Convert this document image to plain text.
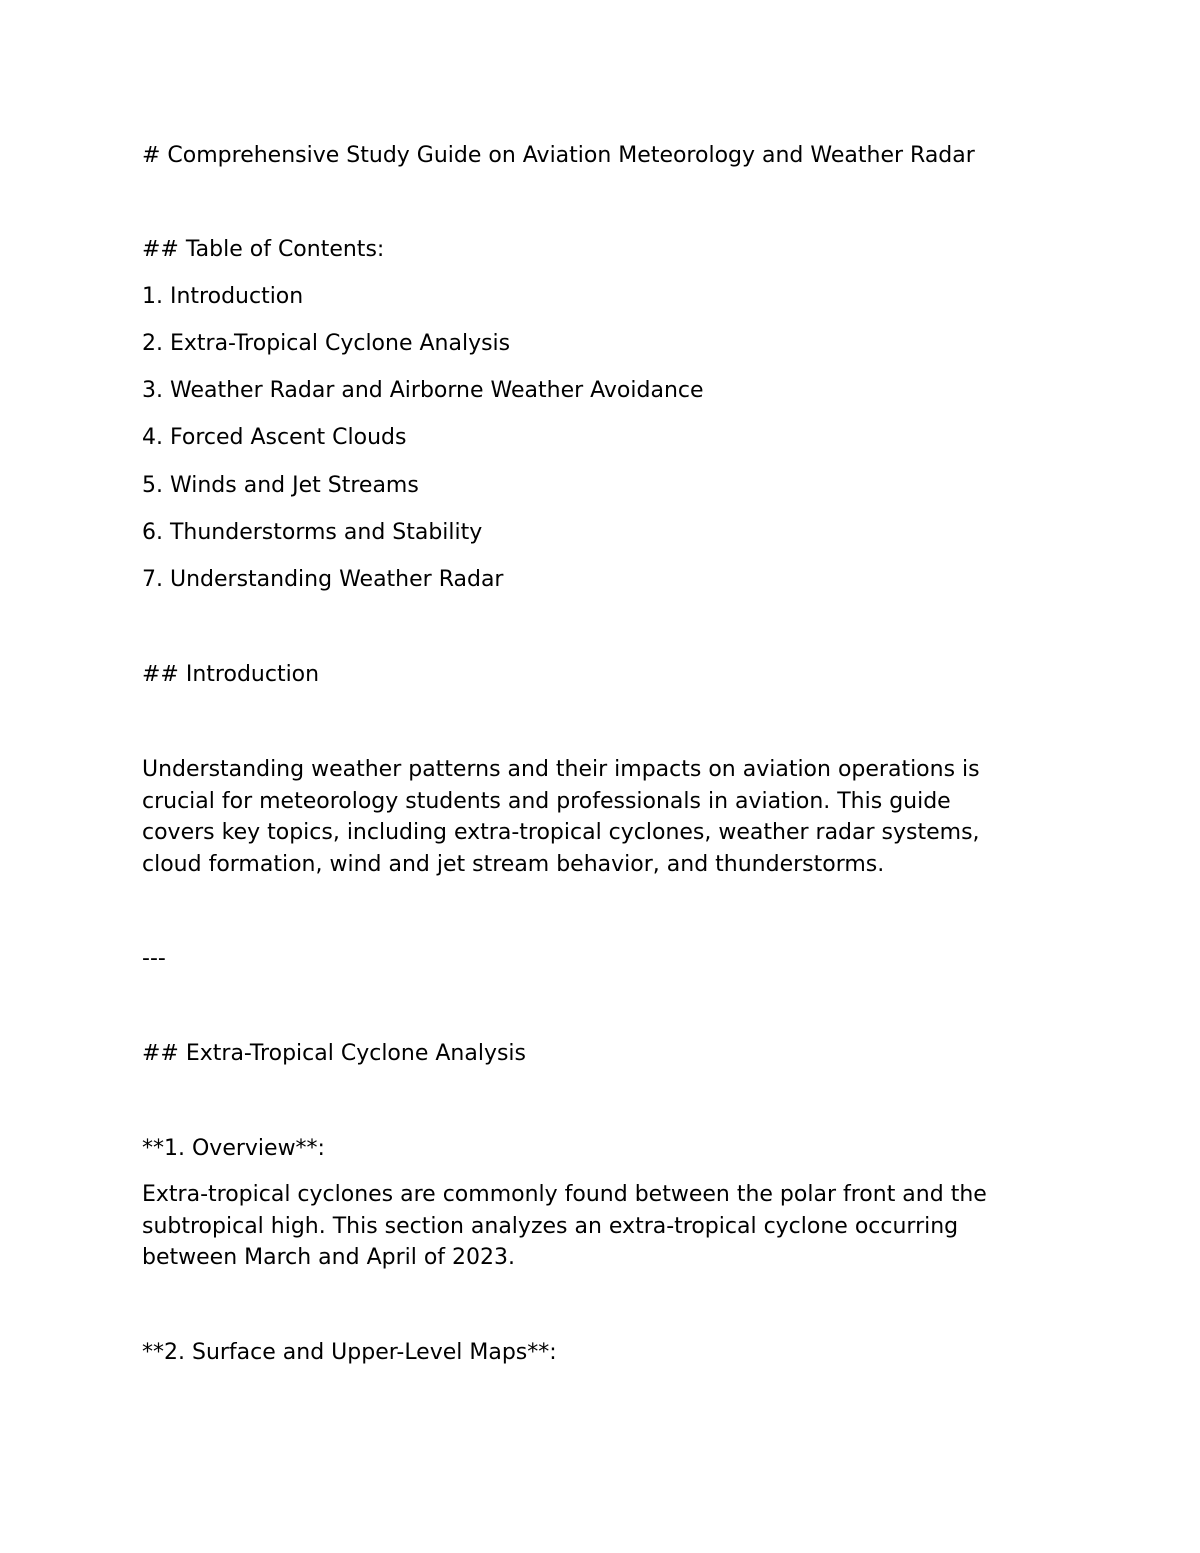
# Comprehensive Study Guide on Aviation Meteorology and Weather Radar

## Table of Contents:

1. Introduction

2. Extra-Tropical Cyclone Analysis

3. Weather Radar and Airborne Weather Avoidance

4. Forced Ascent Clouds

5. Winds and Jet Streams

6. Thunderstorms and Stability

7. Understanding Weather Radar

## Introduction

Understanding weather patterns and their impacts on aviation operations is
crucial for meteorology students and professionals in aviation. This guide
covers key topics, including extra-tropical cyclones, weather radar systems,
cloud formation, wind and jet stream behavior, and thunderstorms.

---

## Extra-Tropical Cyclone Analysis

**1. Overview**:

Extra-tropical cyclones are commonly found between the polar front and the
subtropical high. This section analyzes an extra-tropical cyclone occurring
between March and April of 2023.

**2. Surface and Upper-Level Maps**:
